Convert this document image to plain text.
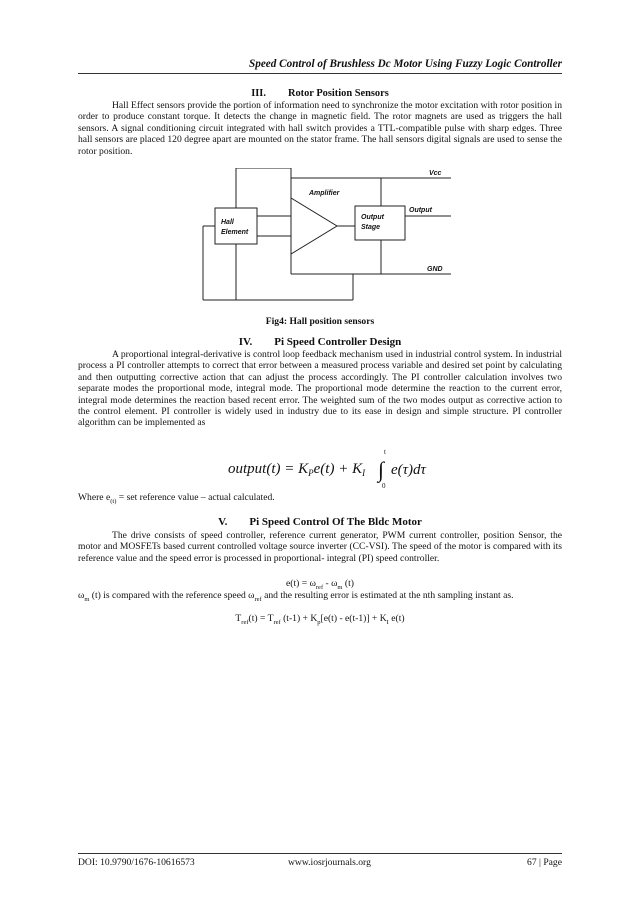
Speed Control of Brushless Dc Motor Using Fuzzy Logic Controller
III. Rotor Position Sensors

Hall Effect sensors provide the portion of information need to synchronize the motor excitation with rotor position in order to produce constant torque. It detects the change in magnetic field. The rotor magnets are used as triggers the hall sensors. A signal conditioning circuit integrated with hall switch provides a TTL-compatible pulse with sharp edges. Three hall sensors are placed 120 degree apart are mounted on the stator frame. The hall sensors digital signals are used to sense the rotor position.

Vcc
Amplifier
Output
Output
Stage
Hall
Element
GND
Fig4: Hall position sensors
IV. Pi Speed Controller Design

A proportional integral-derivative is control loop feedback mechanism used in industrial control system. In industrial process a PI controller attempts to correct that error between a measured process variable and desired set point by calculating and then outputting corrective action that can adjust the process accordingly. The PI controller calculation involves two separate modes the proportional mode, integral mode. The proportional mode determine the reaction to the current error, integral mode determines the reaction based recent error. The weighted sum of the two modes output as corrective action to the control element. PI controller is widely used in industry due to its ease in design and simple structure. PI controller algorithm can be implemented as

output(t) = $K_Pe(t) + K_I$ ∫ e(τ)dτ
t
0
Where $e_{(t)}$ = set reference value – actual calculated.
V. Pi Speed Control Of The Bldc Motor

The drive consists of speed controller, reference current generator, PWM current controller, position Sensor, the motor and MOSFETs based current controlled voltage source inverter (CC-VSI). The speed of the motor is compared with its reference value and the speed error is processed in proportional- integral (PI) speed controller.

$e(t) = \omega_{ref} - \omega_m$ (t)

$\omega_m$ (t) is compared with the reference speed $\omega_{ref}$ and the resulting error is estimated at the nth sampling instant as.

$T_{ref}(t) = T_{ref}$ $(t-1) + K_p[e(t) - e(t-1)] + K_I$ e(t)
DOI: 10.9790/1676-10616573	www.iosrjournals.org	67 | Page
